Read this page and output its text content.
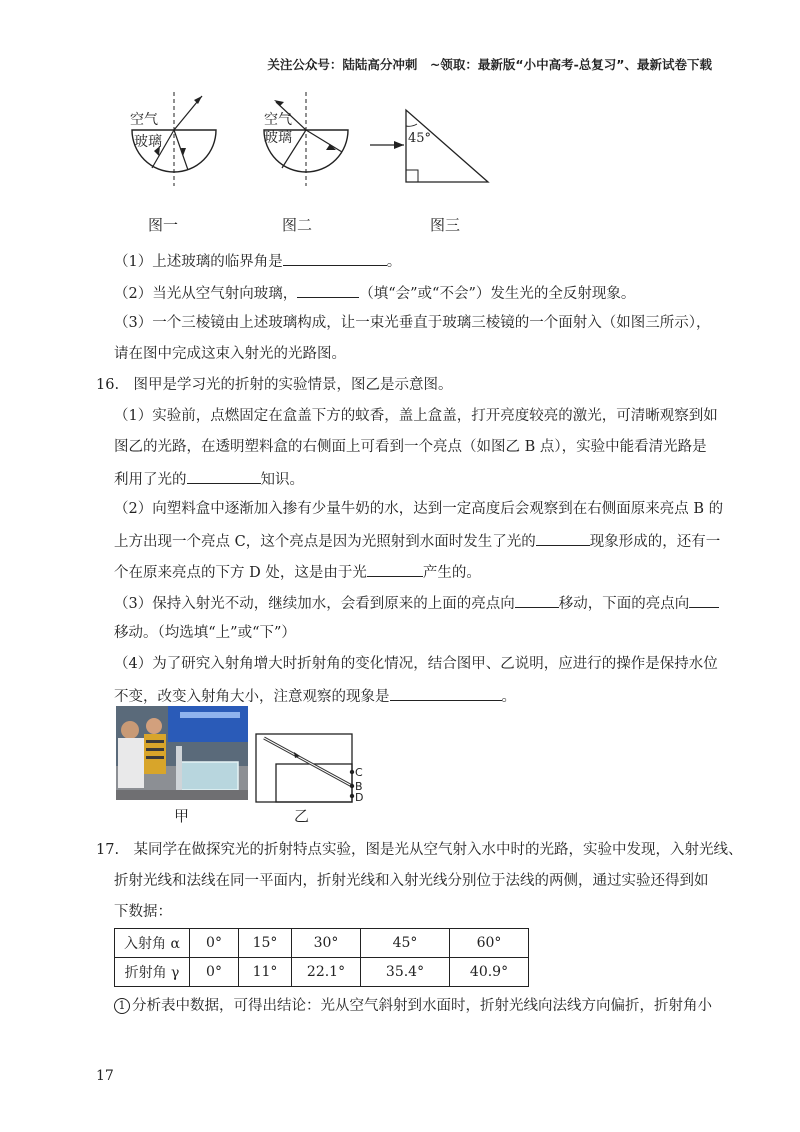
关注公众号：陆陆高分冲刺　~领取：最新版“小中高考-总复习”、最新试卷下载
空气
玻璃
空气
玻璃	45°
图一	图二	图三
（1）上述玻璃的临界角是	。
（2）当光从空气射向玻璃，	（填“会”或“不会”）发生光的全反射现象。
（3）一个三棱镜由上述玻璃构成，让一束光垂直于玻璃三棱镜的一个面射入（如图三所示），
请在图中完成这束入射光的光路图。
16.　图甲是学习光的折射的实验情景，图乙是示意图。
（1）实验前，点燃固定在盒盖下方的蚊香，盖上盒盖，打开亮度较亮的激光，可清晰观察到如
图乙的光路，在透明塑料盒的右侧面上可看到一个亮点（如图乙 B 点），实验中能看清光路是
利用了光的	知识。
（2）向塑料盒中逐渐加入掺有少量牛奶的水，达到一定高度后会观察到在右侧面原来亮点 B 的
上方出现一个亮点 C，这个亮点是因为光照射到水面时发生了光的	现象形成的，还有一
个在原来亮点的下方 D 处，这是由于光	产生的。
（3）保持入射光不动，继续加水，会看到原来的上面的亮点向	移动，下面的亮点向
移动。（均选填“上”或“下”）
（4）为了研究入射角增大时折射角的变化情况，结合图甲、乙说明，应进行的操作是保持水位
不变，改变入射角大小，注意观察的现象是	。
甲
C
B
D
乙
17.　某同学在做探究光的折射特点实验，图是光从空气射入水中时的光路，实验中发现，入射光线、
折射光线和法线在同一平面内，折射光线和入射光线分别位于法线的两侧，通过实验还得到如
下数据：
入射角 α	0°	15°	30°	45°	60°
折射角 γ	0°	11°	22.1°	35.4°	40.9°
1 分析表中数据，可得出结论：光从空气斜射到水面时，折射光线向法线方向偏折，折射角小
17
